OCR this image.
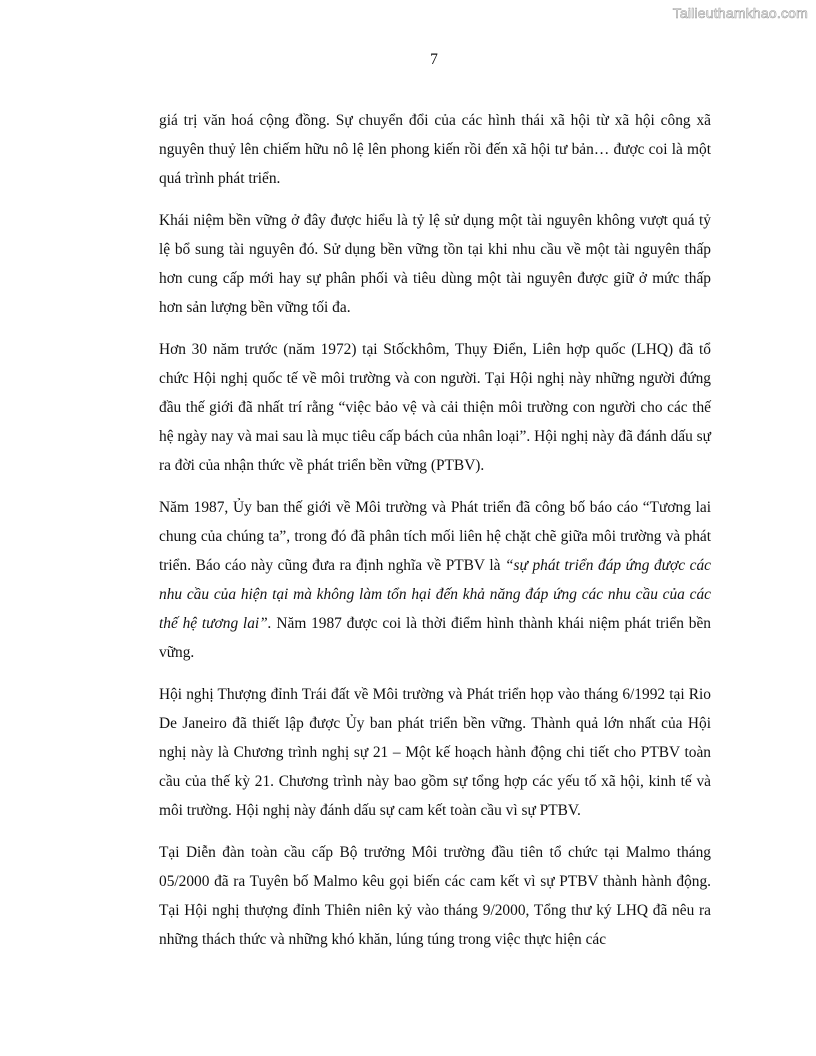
Tailieuthamkhao.com
7

giá trị văn hoá cộng đồng. Sự chuyển đổi của các hình thái xã hội từ xã hội công xã nguyên thuỷ lên chiếm hữu nô lệ lên phong kiến rồi đến xã hội tư bản… được coi là một quá trình phát triển.

Khái niệm bền vững ở đây được hiểu là tỷ lệ sử dụng một tài nguyên không vượt quá tỷ lệ bổ sung tài nguyên đó. Sử dụng bền vững tồn tại khi nhu cầu về một tài nguyên thấp hơn cung cấp mới hay sự phân phối và tiêu dùng một tài nguyên được giữ ở mức thấp hơn sản lượng bền vững tối đa.

Hơn 30 năm trước (năm 1972) tại Stốckhôm, Thụy Điển, Liên hợp quốc (LHQ) đã tổ chức Hội nghị quốc tế về môi trường và con người. Tại Hội nghị này những người đứng đầu thế giới đã nhất trí rằng “việc bảo vệ và cải thiện môi trường con người cho các thế hệ ngày nay và mai sau là mục tiêu cấp bách của nhân loại”. Hội nghị này đã đánh dấu sự ra đời của nhận thức về phát triển bền vững (PTBV).

Năm 1987, Ủy ban thế giới về Môi trường và Phát triển đã công bố báo cáo “Tương lai chung của chúng ta”, trong đó đã phân tích mối liên hệ chặt chẽ giữa môi trường và phát triển. Báo cáo này cũng đưa ra định nghĩa về PTBV là “sự phát triển đáp ứng được các nhu cầu của hiện tại mà không làm tổn hại đến khả năng đáp ứng các nhu cầu của các thế hệ tương lai”. Năm 1987 được coi là thời điểm hình thành khái niệm phát triển bền vững.

Hội nghị Thượng đỉnh Trái đất về Môi trường và Phát triển họp vào tháng 6/1992 tại Rio De Janeiro đã thiết lập được Ủy ban phát triển bền vững. Thành quả lớn nhất của Hội nghị này là Chương trình nghị sự 21 – Một kế hoạch hành động chi tiết cho PTBV toàn cầu của thế kỳ 21. Chương trình này bao gồm sự tổng hợp các yếu tố xã hội, kinh tế và môi trường. Hội nghị này đánh dấu sự cam kết toàn cầu vì sự PTBV.

Tại Diễn đàn toàn cầu cấp Bộ trưởng Môi trường đầu tiên tổ chức tại Malmo tháng 05/2000 đã ra Tuyên bố Malmo kêu gọi biến các cam kết vì sự PTBV thành hành động. Tại Hội nghị thượng đỉnh Thiên niên kỷ vào tháng 9/2000, Tổng thư ký LHQ đã nêu ra những thách thức và những khó khăn, lúng túng trong việc thực hiện các
